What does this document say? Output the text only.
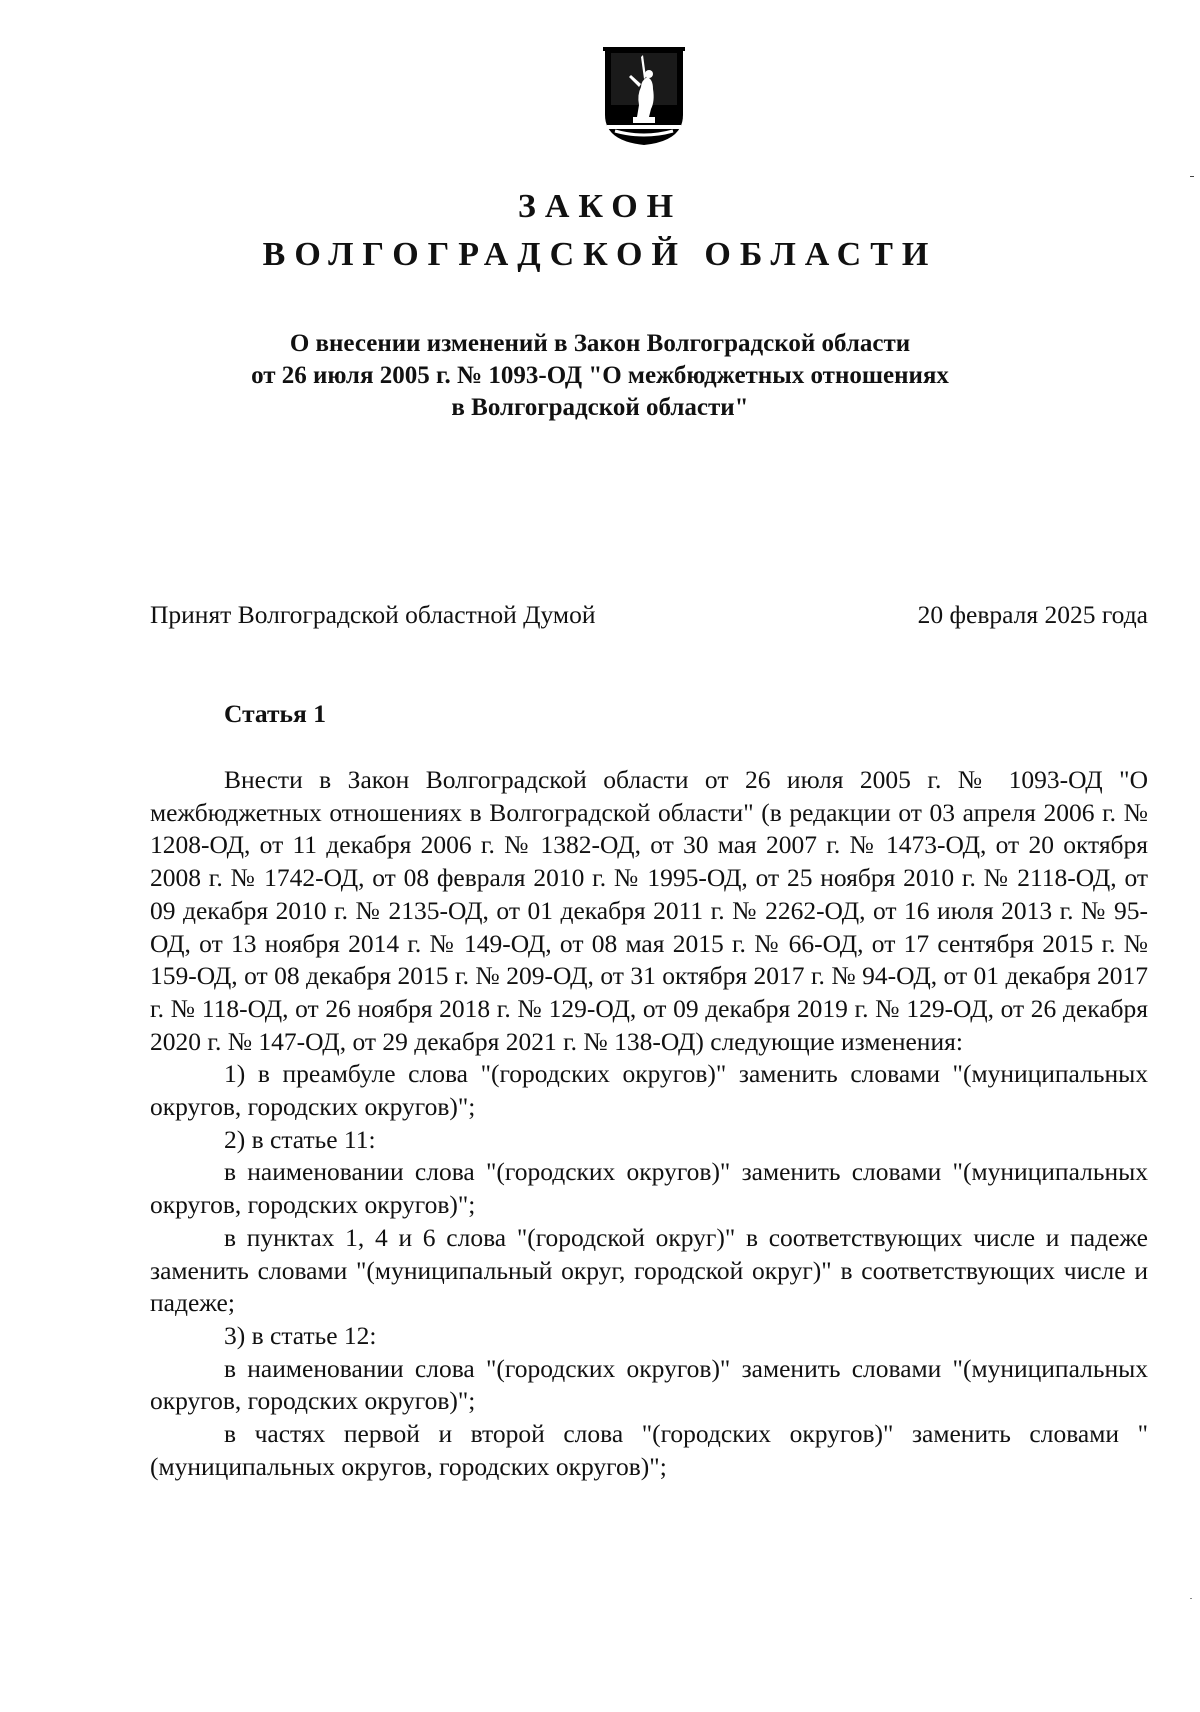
ЗАКОН
ВОЛГОГРАДСКОЙ ОБЛАСТИ
О внесении изменений в Закон Волгоградской области
от 26 июля 2005 г. № 1093-ОД "О межбюджетных отношениях
в Волгоградской области"
Принят Волгоградской областной Думой	20 февраля 2025 года
Статья 1

Внести в Закон Волгоградской области от 26 июля 2005 г. № 1093-ОД "О межбюджетных отношениях в Волгоградской области" (в редакции от 03 апреля 2006 г. № 1208-ОД, от 11 декабря 2006 г. № 1382-ОД, от 30 мая 2007 г. № 1473-ОД, от 20 октября 2008 г. № 1742-ОД, от 08 февраля 2010 г. № 1995-ОД, от 25 ноября 2010 г. № 2118-ОД, от 09 декабря 2010 г. № 2135-ОД, от 01 декабря 2011 г. № 2262-ОД, от 16 июля 2013 г. № 95-ОД, от 13 ноября 2014 г. № 149-ОД, от 08 мая 2015 г. № 66-ОД, от 17 сентября 2015 г. № 159-ОД, от 08 декабря 2015 г. № 209-ОД, от 31 октября 2017 г. № 94-ОД, от 01 декабря 2017 г. № 118-ОД, от 26 ноября 2018 г. № 129-ОД, от 09 декабря 2019 г. № 129-ОД, от 26 декабря 2020 г. № 147-ОД, от 29 декабря 2021 г. № 138-ОД) следующие изменения:

1) в преамбуле слова "(городских округов)" заменить словами "(муниципальных округов, городских округов)";

2) в статье 11:

в наименовании слова "(городских округов)" заменить словами "(муниципальных округов, городских округов)";

в пунктах 1, 4 и 6 слова "(городской округ)" в соответствующих числе и падеже заменить словами "(муниципальный округ, городской округ)" в соответствующих числе и падеже;

3) в статье 12:

в наименовании слова "(городских округов)" заменить словами "(муниципальных округов, городских округов)";

в частях первой и второй слова "(городских округов)" заменить словами "(муниципальных округов, городских округов)";
